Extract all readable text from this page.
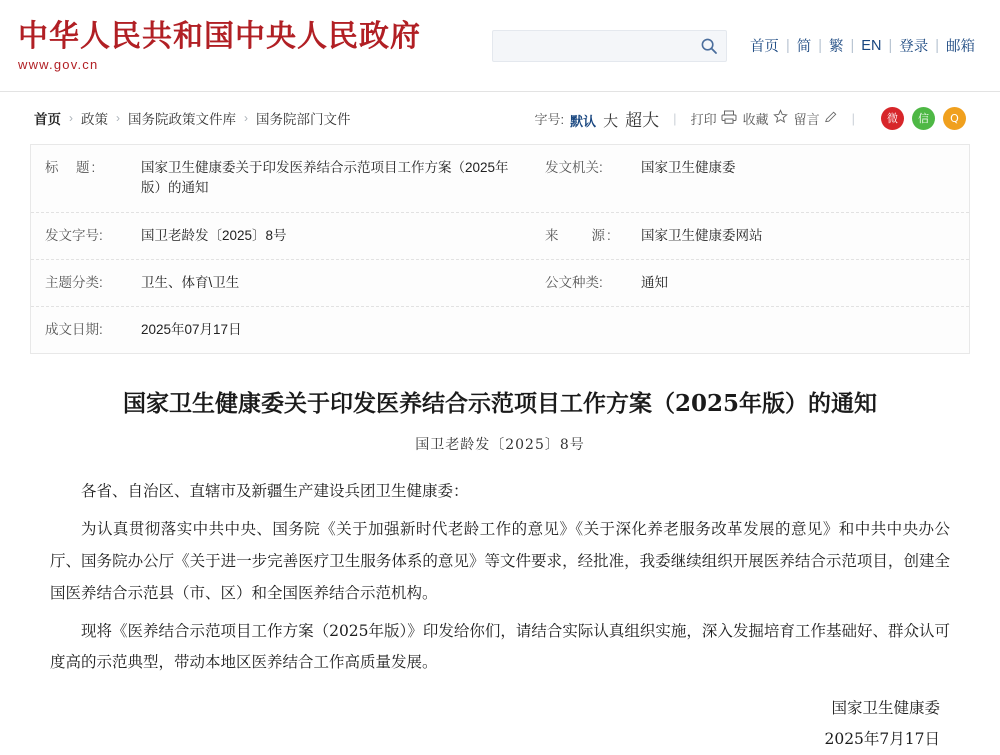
中华人民共和国中央人民政府
www.gov.cn
首页 | 简 | 繁 | EN | 登录 | 邮箱
首页 › 政策 › 国务院政策文件库 › 国务院部门文件	字号: 默认 大 超大	|	打印 收藏 留言	|	微	信	Q
标　题:	国家卫生健康委关于印发医养结合示范项目工作方案（2025年版）的通知
发文机关:	国家卫生健康委
发文字号:	国卫老龄发〔2025〕8号	来　　源:	国家卫生健康委网站
主题分类:	卫生、体育\卫生	公文种类:	通知
成文日期:	2025年07月17日
国家卫生健康委关于印发医养结合示范项目工作方案（2025年版）的通知
国卫老龄发〔2025〕8号

各省、自治区、直辖市及新疆生产建设兵团卫生健康委：

为认真贯彻落实中共中央、国务院《关于加强新时代老龄工作的意见》《关于深化养老服务改革发展的意见》和中共中央办公厅、国务院办公厅《关于进一步完善医疗卫生服务体系的意见》等文件要求，经批准，我委继续组织开展医养结合示范项目，创建全国医养结合示范县（市、区）和全国医养结合示范机构。

现将《医养结合示范项目工作方案（2025年版）》印发给你们，请结合实际认真组织实施，深入发掘培育工作基础好、群众认可度高的示范典型，带动本地区医养结合工作高质量发展。

国家卫生健康委
2025年7月17日
